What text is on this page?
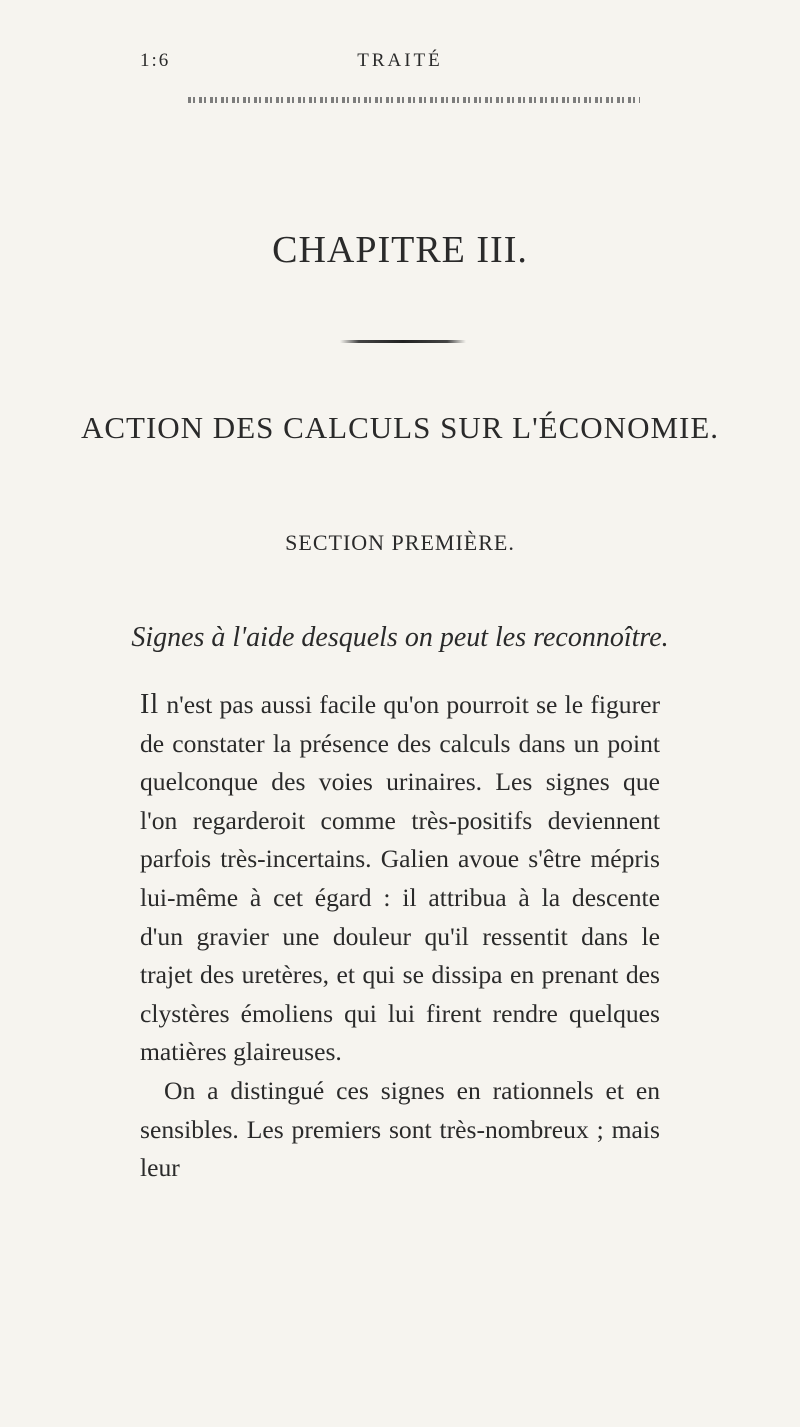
1:6	TRAITÉ
CHAPITRE III.
ACTION DES CALCULS SUR L'ÉCONOMIE.
SECTION PREMIÈRE.
Signes à l'aide desquels on peut les reconnoître.

Il n'est pas aussi facile qu'on pourroit se le figurer de constater la présence des calculs dans un point quelconque des voies urinaires. Les signes que l'on regarderoit comme très-positifs deviennent parfois très-incertains. Galien avoue s'être mépris lui-même à cet égard : il attribua à la descente d'un gravier une douleur qu'il ressentit dans le trajet des uretères, et qui se dissipa en prenant des clystères émoliens qui lui firent rendre quelques matières glaireuses.

On a distingué ces signes en rationnels et en sensibles. Les premiers sont très-nombreux ; mais leur
